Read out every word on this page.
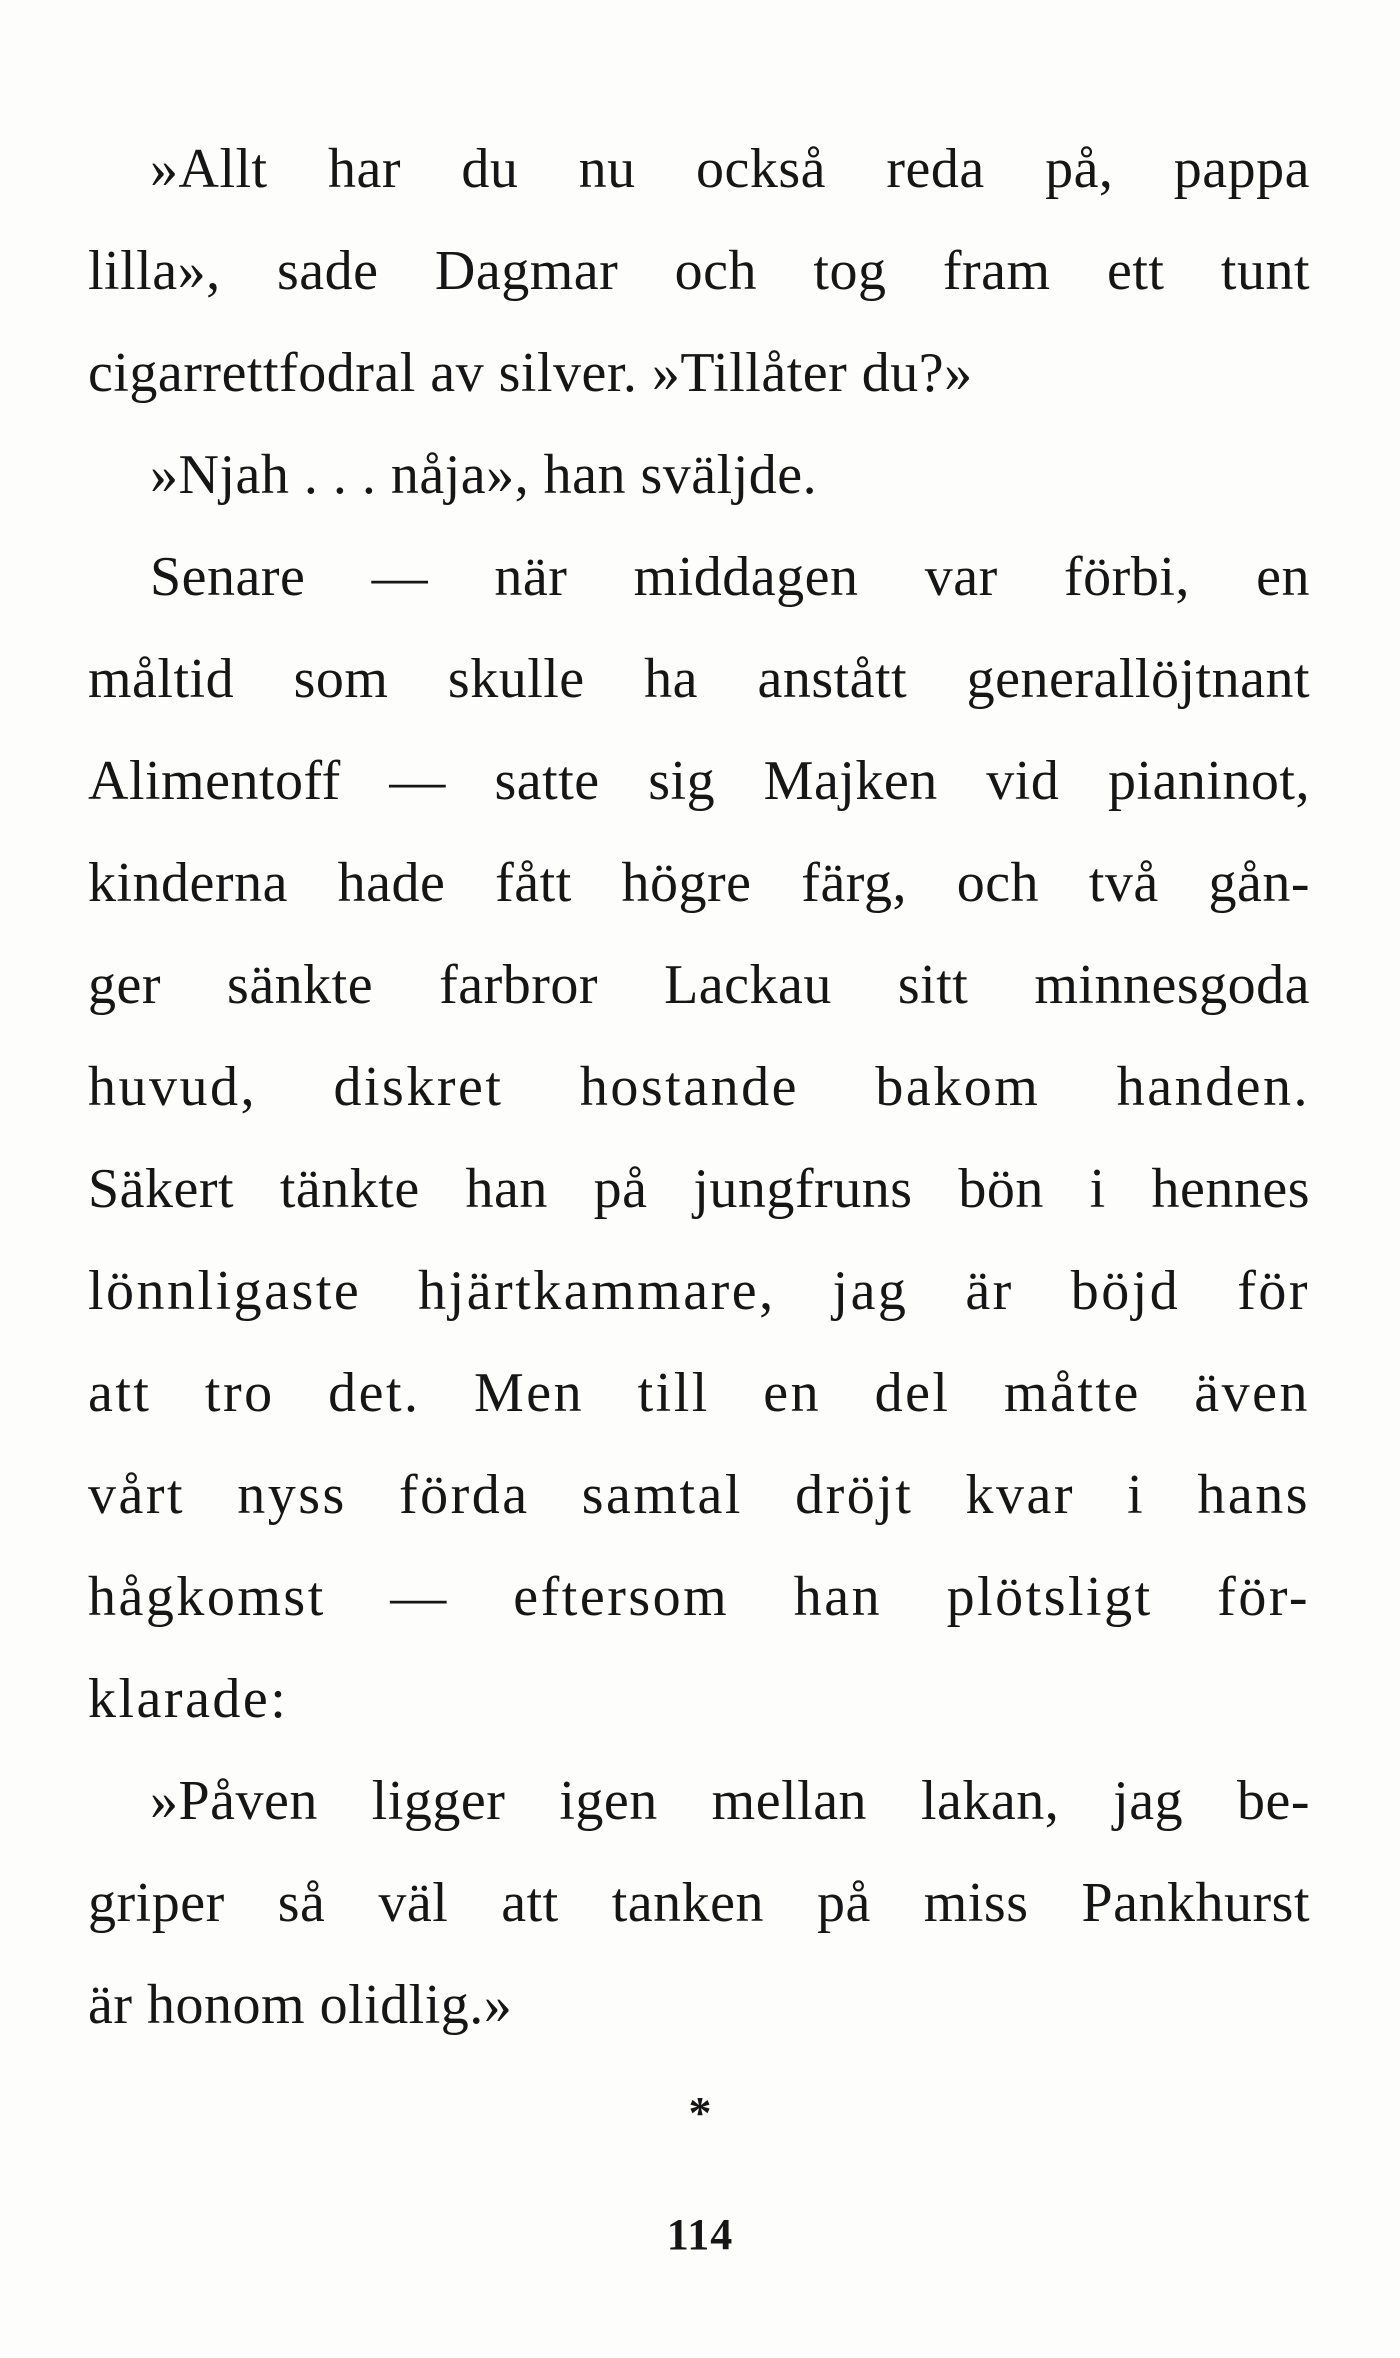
»Allt har du nu också reda på, pappa
lilla», sade Dagmar och tog fram ett tunt
cigarrettfodral av silver. »Tillåter du?»
»Njah . . . nåja», han sväljde.
Senare — när middagen var förbi, en
måltid som skulle ha anstått generallöjtnant
Alimentoff — satte sig Majken vid pianinot,
kinderna hade fått högre färg, och två gån-
ger sänkte farbror Lackau sitt minnesgoda
huvud, diskret hostande bakom handen.
Säkert tänkte han på jungfruns bön i hennes
lönnligaste hjärtkammare, jag är böjd för
att tro det. Men till en del måtte även
vårt nyss förda samtal dröjt kvar i hans
hågkomst — eftersom han plötsligt för-
klarade:
»Påven ligger igen mellan lakan, jag be-
griper så väl att tanken på miss Pankhurst
är honom olidlig.»
*
114
